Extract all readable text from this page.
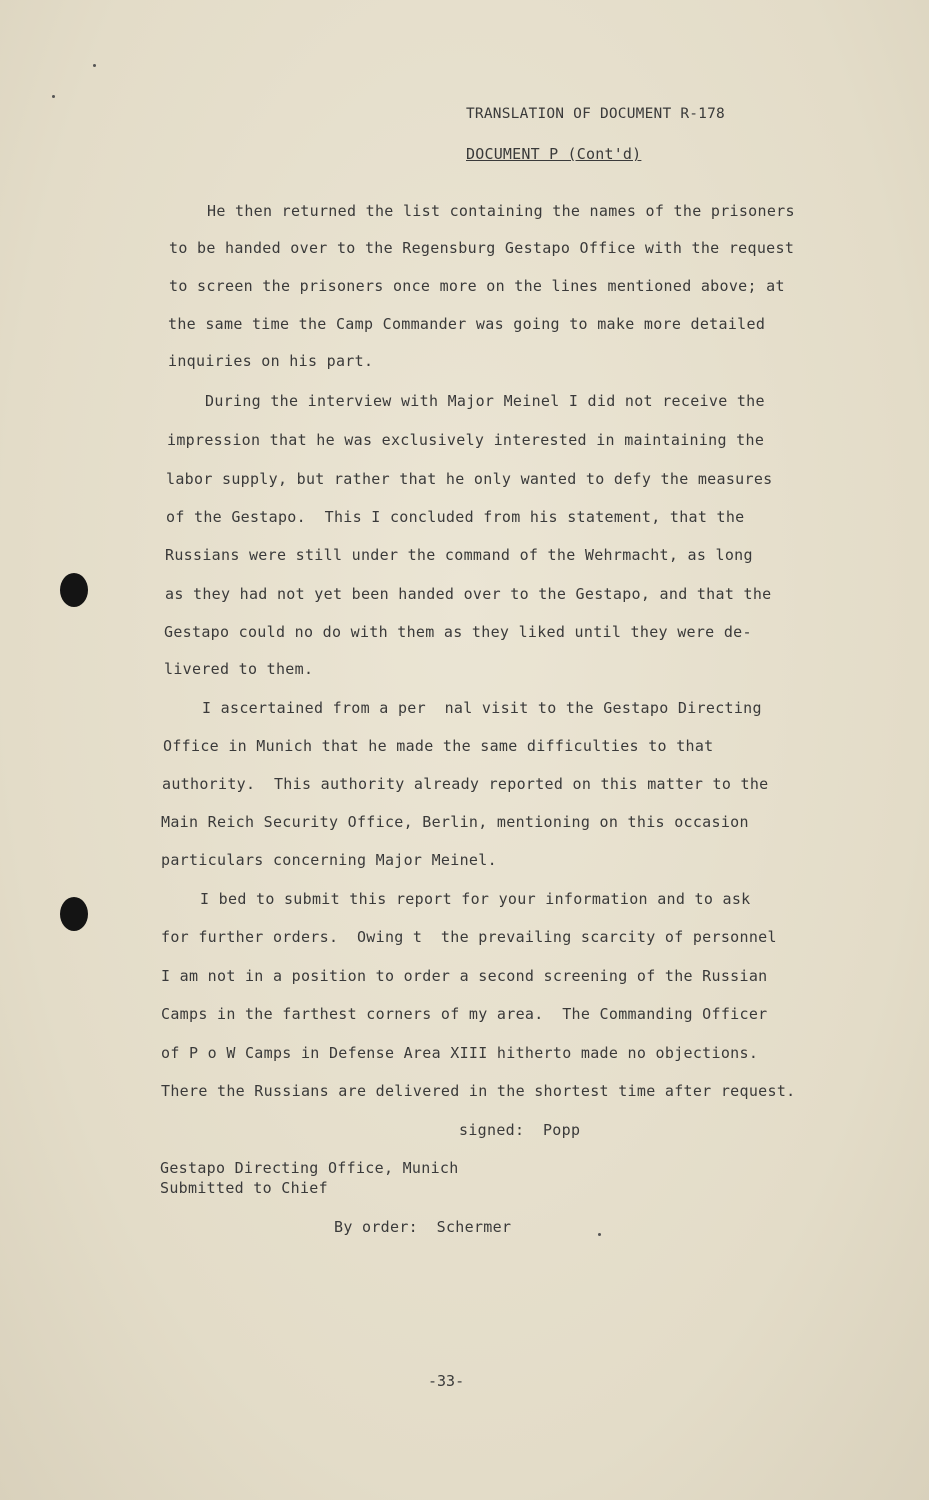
TRANSLATION OF DOCUMENT R-178
DOCUMENT P (Cont'd)
He then returned the list containing the names of the prisoners
to be handed over to the Regensburg Gestapo Office with the request
to screen the prisoners once more on the lines mentioned above; at
the same time the Camp Commander was going to make more detailed
inquiries on his part.
During the interview with Major Meinel I did not receive the
impression that he was exclusively interested in maintaining the
labor supply, but rather that he only wanted to defy the measures
of the Gestapo.  This I concluded from his statement, that the
Russians were still under the command of the Wehrmacht, as long
as they had not yet been handed over to the Gestapo, and that the
Gestapo could no do with them as they liked until they were de-
livered to them.
I ascertained from a per  nal visit to the Gestapo Directing
Office in Munich that he made the same difficulties to that
authority.  This authority already reported on this matter to the
Main Reich Security Office, Berlin, mentioning on this occasion
particulars concerning Major Meinel.
I bed to submit this report for your information and to ask
for further orders.  Owing t  the prevailing scarcity of personnel
I am not in a position to order a second screening of the Russian
Camps in the farthest corners of my area.  The Commanding Officer
of P o W Camps in Defense Area XIII hitherto made no objections.
There the Russians are delivered in the shortest time after request.
signed:  Popp
Gestapo Directing Office, Munich
Submitted to Chief
By order:  Schermer
-33-
